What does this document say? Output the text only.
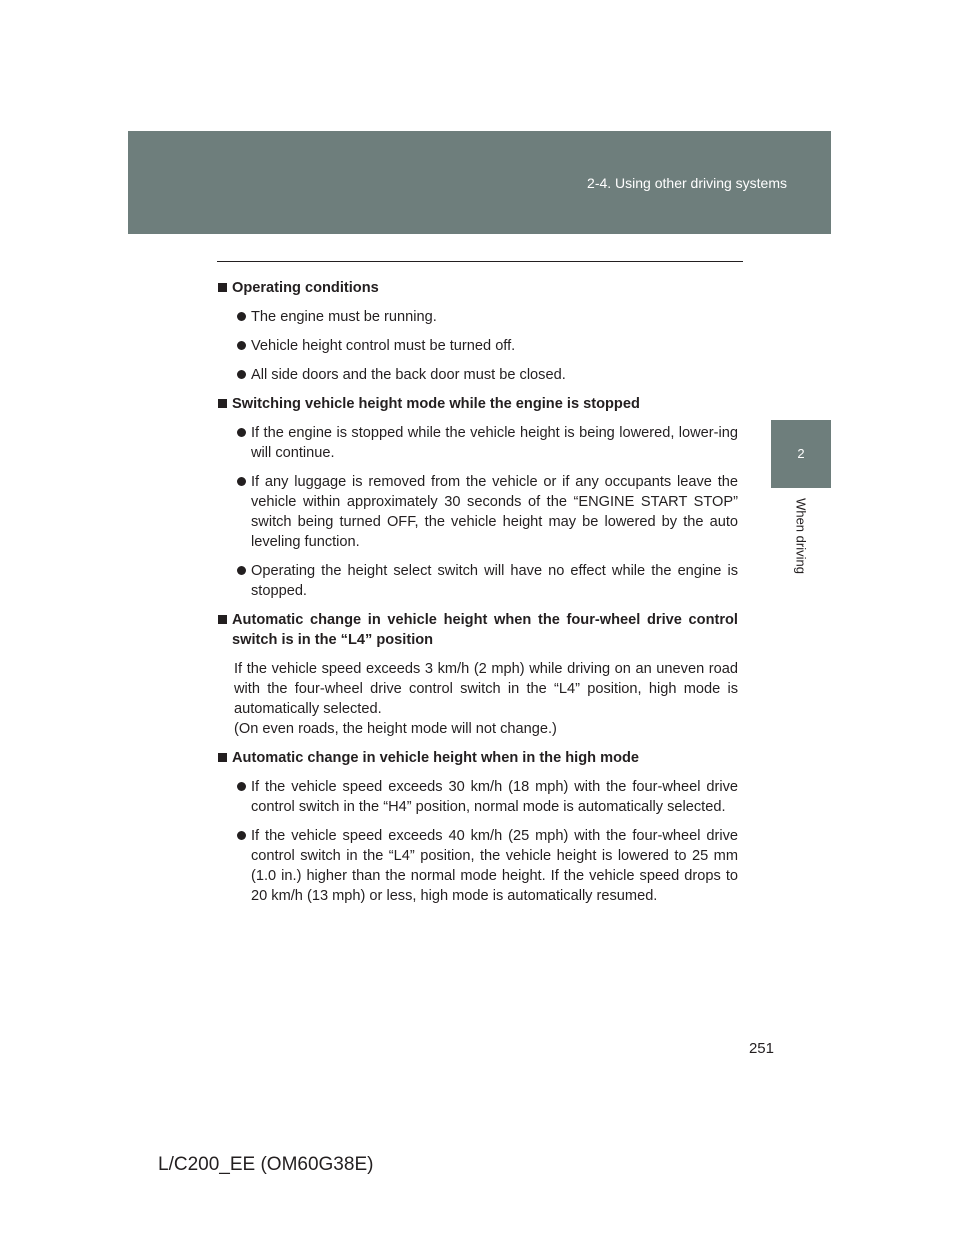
2-4. Using other driving systems
2
When driving
Operating conditions
The engine must be running.
Vehicle height control must be turned off.
All side doors and the back door must be closed.
Switching vehicle height mode while the engine is stopped
If the engine is stopped while the vehicle height is being lowered, lower-ing will continue.
If any luggage is removed from the vehicle or if any occupants leave the vehicle within approximately 30 seconds of the “ENGINE START STOP” switch being turned OFF, the vehicle height may be lowered by the auto leveling function.
Operating the height select switch will have no effect while the engine is stopped.
Automatic change in vehicle height when the four-wheel drive control switch is in the “L4” position
If the vehicle speed exceeds 3 km/h (2 mph) while driving on an uneven road with the four-wheel drive control switch in the “L4” position, high mode is automatically selected.
(On even roads, the height mode will not change.)
Automatic change in vehicle height when in the high mode
If the vehicle speed exceeds 30 km/h (18 mph) with the four-wheel drive control switch in the “H4” position, normal mode is automatically selected.
If the vehicle speed exceeds 40 km/h (25 mph) with the four-wheel drive control switch in the “L4” position, the vehicle height is lowered to 25 mm (1.0 in.) higher than the normal mode height. If the vehicle speed drops to 20 km/h (13 mph) or less, high mode is automatically resumed.
251
L/C200_EE (OM60G38E)
